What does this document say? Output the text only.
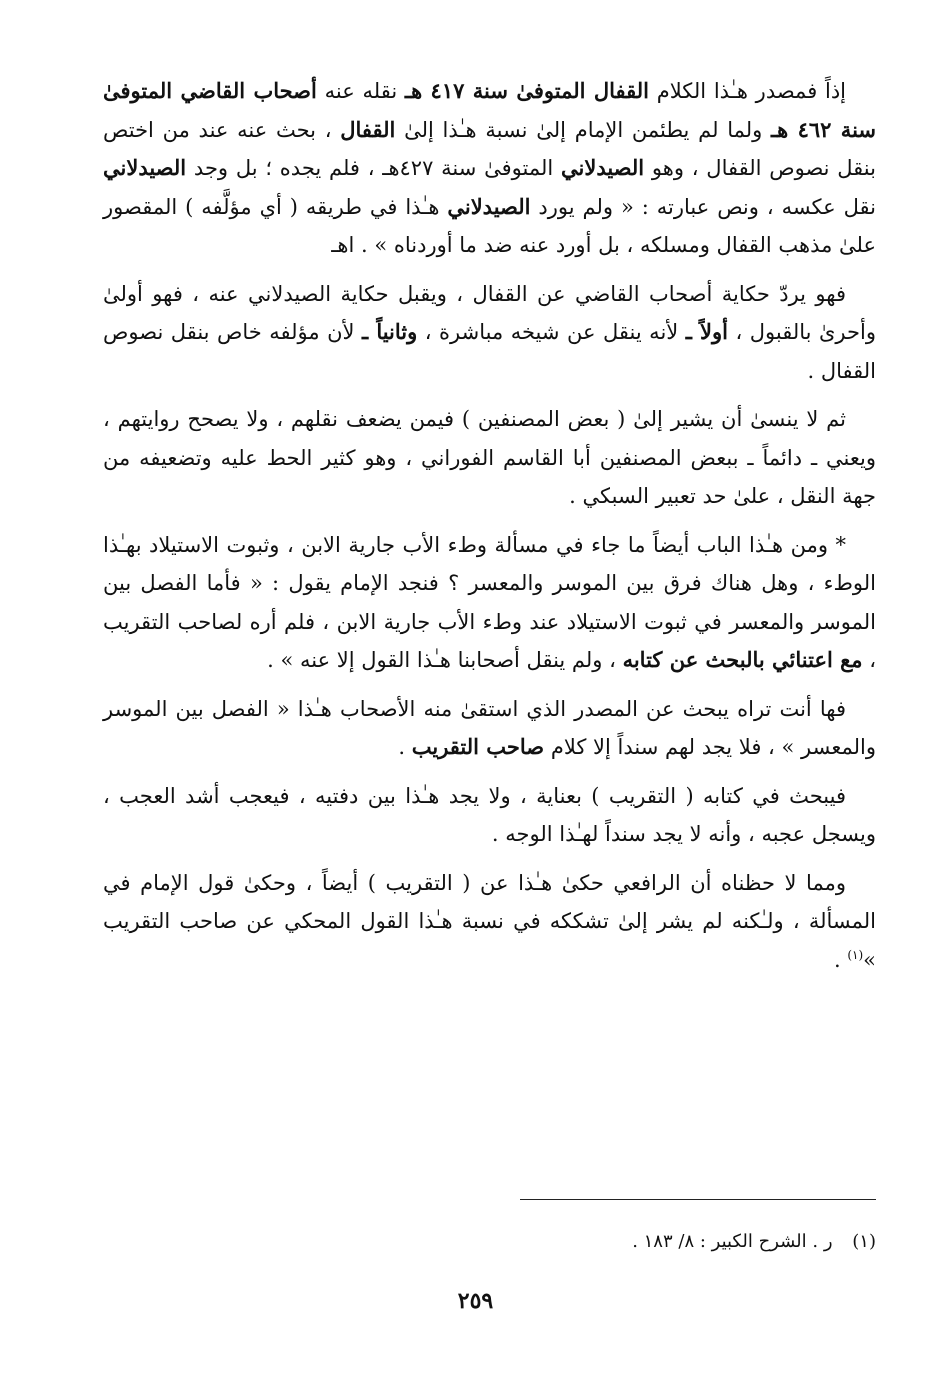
إذاً فمصدر هـٰذا الكلام القفال المتوفىٰ سنة ٤١٧ هـ نقله عنه أصحاب القاضي المتوفىٰ سنة ٤٦٢ هـ ولما لم يطئمن الإمام إلىٰ نسبة هـٰذا إلىٰ القفال ، بحث عنه عند من اختص بنقل نصوص القفال ، وهو الصيدلاني المتوفىٰ سنة ٤٢٧هـ ، فلم يجده ؛ بل وجد الصيدلاني نقل عكسه ، ونص عبارته : « ولم يورد الصيدلاني هـٰذا في طريقه ( أي مؤلَّفه ) المقصور علىٰ مذهب القفال ومسلكه ، بل أورد عنه ضد ما أوردناه » . اهـ

فهو يردّ حكاية أصحاب القاضي عن القفال ، ويقبل حكاية الصيدلاني عنه ، فهو أولىٰ وأحرىٰ بالقبول ، أولاً ـ لأنه ينقل عن شيخه مباشرة ، وثانياً ـ لأن مؤلفه خاص بنقل نصوص القفال .

ثم لا ينسىٰ أن يشير إلىٰ ( بعض المصنفين ) فيمن يضعف نقلهم ، ولا يصحح روايتهم ، ويعني ـ دائماً ـ ببعض المصنفين أبا القاسم الفوراني ، وهو كثير الحط عليه وتضعيفه من جهة النقل ، علىٰ حد تعبير السبكي .

* ومن هـٰذا الباب أيضاً ما جاء في مسألة وطء الأب جارية الابن ، وثبوت الاستيلاد بهـٰذا الوطء ، وهل هناك فرق بين الموسر والمعسر ؟ فنجد الإمام يقول : « فأما الفصل بين الموسر والمعسر في ثبوت الاستيلاد عند وطء الأب جارية الابن ، فلم أره لصاحب التقريب ، مع اعتنائي بالبحث عن كتابه ، ولم ينقل أصحابنا هـٰذا القول إلا عنه » .

فها أنت تراه يبحث عن المصدر الذي استقىٰ منه الأصحاب هـٰذا « الفصل بين الموسر والمعسر » ، فلا يجد لهم سنداً إلا كلام صاحب التقريب .

فيبحث في كتابه ( التقريب ) بعناية ، ولا يجد هـٰذا بين دفتيه ، فيعجب أشد العجب ، ويسجل عجبه ، وأنه لا يجد سنداً لهـٰذا الوجه .

ومما لا حظناه أن الرافعي حكىٰ هـٰذا عن ( التقريب ) أيضاً ، وحكىٰ قول الإمام في المسألة ، ولـٰكنه لم يشر إلىٰ تشككه في نسبة هـٰذا القول المحكي عن صاحب التقريب »$^{(١)}$ .

(١) ر . الشرح الكبير : ٨/ ١٨٣ .
٢٥٩
